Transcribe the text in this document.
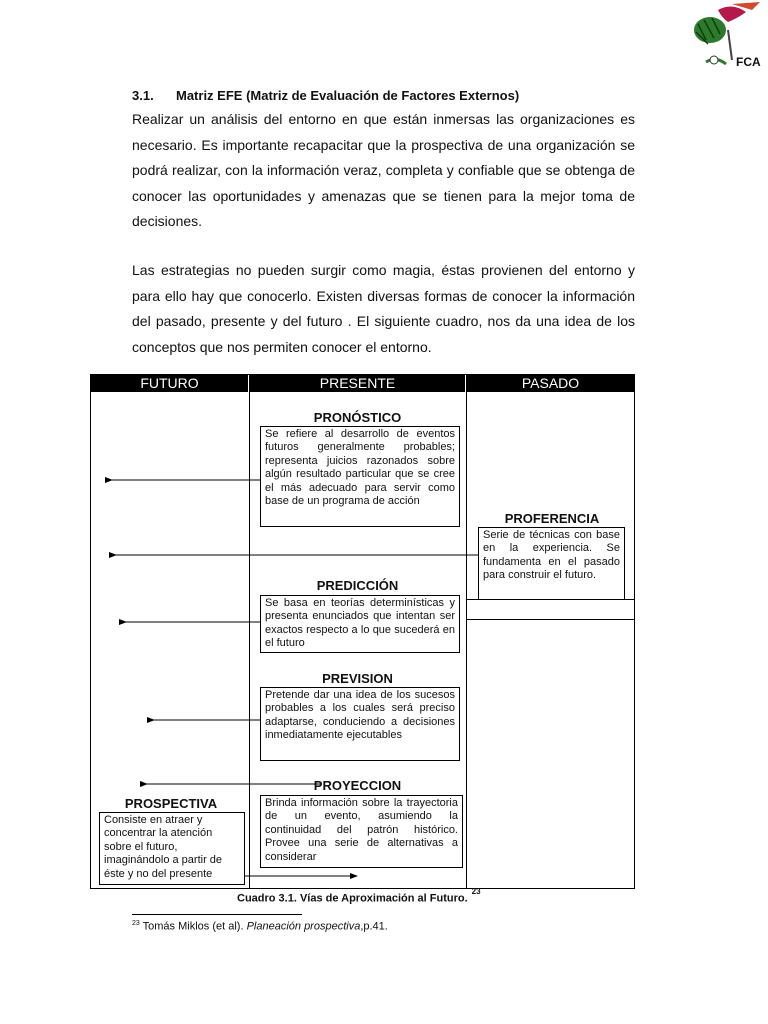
FCA
3.1. Matriz EFE (Matriz de Evaluación de Factores Externos)
Realizar un análisis del entorno en que están inmersas las organizaciones es necesario. Es importante recapacitar que la prospectiva de una organización se podrá realizar, con la información veraz, completa y confiable que se obtenga de conocer las oportunidades y amenazas que se tienen para la mejor toma de decisiones.
Las estrategias no pueden surgir como magia, éstas provienen del entorno y para ello hay que conocerlo. Existen diversas formas de conocer la información del pasado, presente y del futuro . El siguiente cuadro, nos da una idea de los conceptos que nos permiten conocer el entorno.
FUTURO	PRESENTE	PASADO
PRONÓSTICO
Se refiere al desarrollo de eventos futuros generalmente probables; representa juicios razonados sobre algún resultado particular que se cree el más adecuado para servir como base de un programa de acción
PROFERENCIA
Serie de técnicas con base en la experiencia. Se fundamenta en el pasado para construir el futuro.
PREDICCIÓN
Se basa en teorías determinísticas y presenta enunciados que intentan ser exactos respecto a lo que sucederá en el futuro
PREVISION
Pretende dar una idea de los sucesos probables a los cuales será preciso adaptarse, conduciendo a decisiones inmediatamente ejecutables
PROYECCION
Brinda información sobre la trayectoria de un evento, asumiendo la continuidad del patrón histórico. Provee una serie de alternativas a considerar
PROSPECTIVA
Consiste en atraer y concentrar la atención sobre el futuro, imaginándolo a partir de éste y no del presente
Cuadro 3.1. Vías de Aproximación al Futuro.$^{23}$
$^{23}$ Tomás Miklos (et al). Planeación prospectiva,p.41.
